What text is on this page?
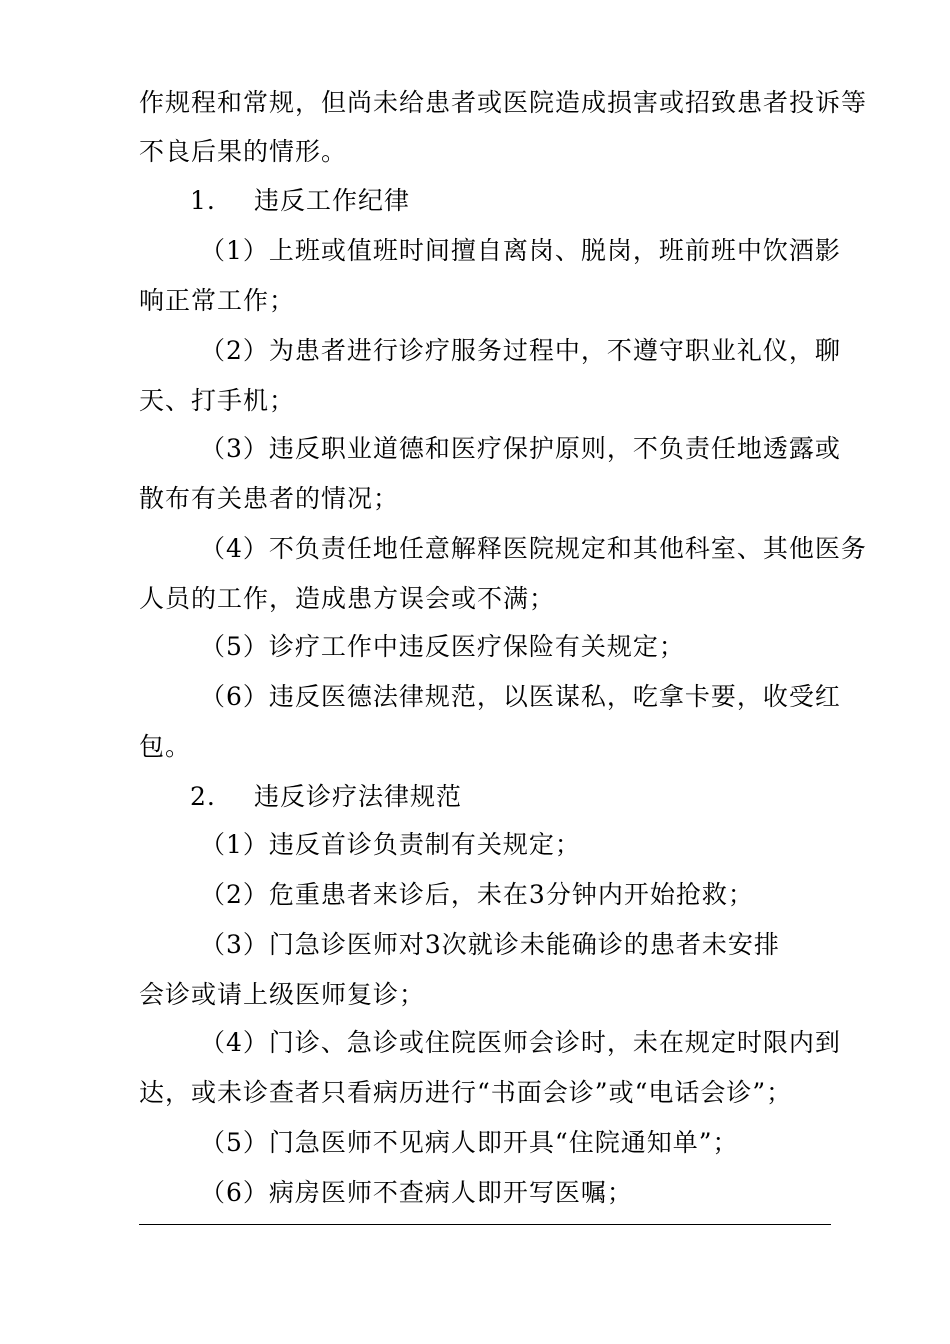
作规程和常规，但尚未给患者或医院造成损害或招致患者投诉等
不良后果的情形。
1. 违反工作纪律
（1）上班或值班时间擅自离岗、脱岗，班前班中饮酒影
响正常工作；
（2）为患者进行诊疗服务过程中，不遵守职业礼仪，聊
天、打手机；
（3）违反职业道德和医疗保护原则，不负责任地透露或
散布有关患者的情况；
（4）不负责任地任意解释医院规定和其他科室、其他医务
人员的工作，造成患方误会或不满；
（5）诊疗工作中违反医疗保险有关规定；
（6）违反医德法律规范，以医谋私，吃拿卡要，收受红
包。
2. 违反诊疗法律规范
（1）违反首诊负责制有关规定；
（2）危重患者来诊后，未在3分钟内开始抢救；
（3）门急诊医师对3次就诊未能确诊的患者未安排
会诊或请上级医师复诊；
（4）门诊、急诊或住院医师会诊时，未在规定时限内到
达，或未诊查者只看病历进行“书面会诊”或“电话会诊”；
（5）门急医师不见病人即开具“住院通知单”；
（6）病房医师不查病人即开写医嘱；
